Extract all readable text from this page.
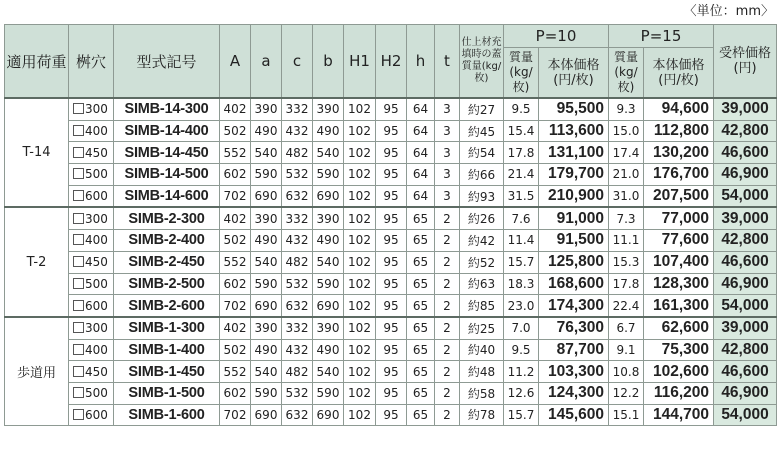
〈単位：mm〉
適用荷重	桝穴	型式記号	A	a	c	b	H1	H2	h	t	仕上材充填時の蓋質量(kg/枚)	P=10		P=15		受枠価格(円)
												質量(kg/枚)	本体価格(円/枚)	質量(kg/枚)	本体価格(円/枚)	
T-14	300	SIMB-14-300	402	390	332	390	102	95	64	3	約27	9.5	95,500	9.3	94,600	39,000
	400	SIMB-14-400	502	490	432	490	102	95	64	3	約45	15.4	113,600	15.0	112,800	42,800
	450	SIMB-14-450	552	540	482	540	102	95	64	3	約54	17.8	131,100	17.4	130,200	46,600
	500	SIMB-14-500	602	590	532	590	102	95	64	3	約66	21.4	179,700	21.0	176,700	46,900
	600	SIMB-14-600	702	690	632	690	102	95	64	3	約93	31.5	210,900	31.0	207,500	54,000
T-2	300	SIMB-2-300	402	390	332	390	102	95	65	2	約26	7.6	91,000	7.3	77,000	39,000
	400	SIMB-2-400	502	490	432	490	102	95	65	2	約42	11.4	91,500	11.1	77,600	42,800
	450	SIMB-2-450	552	540	482	540	102	95	65	2	約52	15.7	125,800	15.3	107,400	46,600
	500	SIMB-2-500	602	590	532	590	102	95	65	2	約63	18.3	168,600	17.8	128,300	46,900
	600	SIMB-2-600	702	690	632	690	102	95	65	2	約85	23.0	174,300	22.4	161,300	54,000
歩道用	300	SIMB-1-300	402	390	332	390	102	95	65	2	約25	7.0	76,300	6.7	62,600	39,000
	400	SIMB-1-400	502	490	432	490	102	95	65	2	約40	9.5	87,700	9.1	75,300	42,800
	450	SIMB-1-450	552	540	482	540	102	95	65	2	約48	11.2	103,300	10.8	102,600	46,600
	500	SIMB-1-500	602	590	532	590	102	95	65	2	約58	12.6	124,300	12.2	116,200	46,900
	600	SIMB-1-600	702	690	632	690	102	95	65	2	約78	15.7	145,600	15.1	144,700	54,000
